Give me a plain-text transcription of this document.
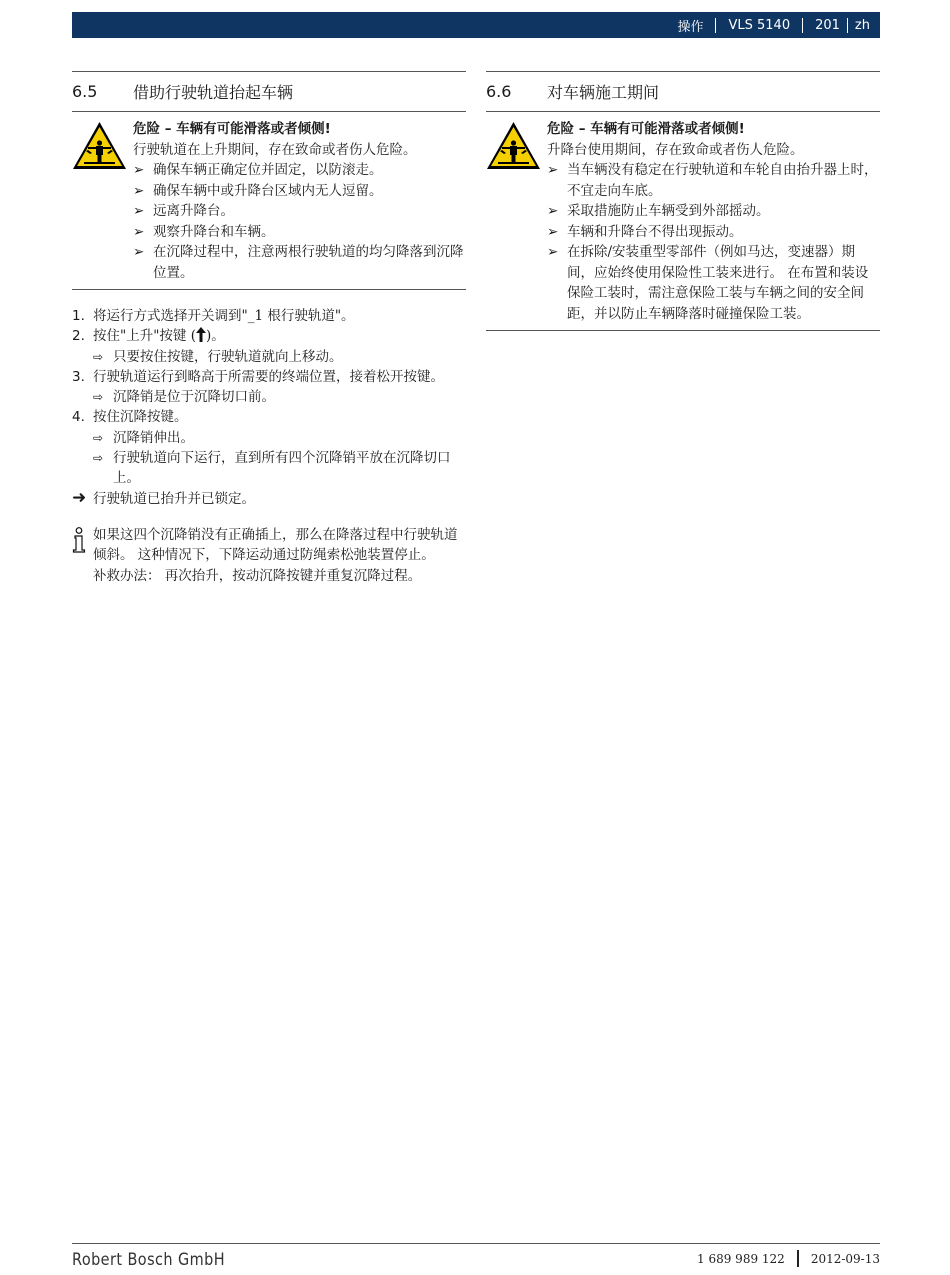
操作 VLS 5140 201 zh
6.5	借助行驶轨道抬起车辆
危险 – 车辆有可能滑落或者倾侧!
行驶轨道在上升期间，存在致命或者伤人危险。
➢ 确保车辆正确定位并固定，以防滚走。
➢ 确保车辆中或升降台区域内无人逗留。
➢ 远离升降台。
➢ 观察升降台和车辆。
➢ 在沉降过程中，注意两根行驶轨道的均匀降落到沉降位置。
1. 将运行方式选择开关调到"_1 根行驶轨道"。
2. 按住"上升"按键 ( )。
⇨ 只要按住按键，行驶轨道就向上移动。
3. 行驶轨道运行到略高于所需要的终端位置，接着松开按键。
⇨ 沉降销是位于沉降切口前。
4. 按住沉降按键。
⇨ 沉降销伸出。
⇨ 行驶轨道向下运行，直到所有四个沉降销平放在沉降切口上。
➜ 行驶轨道已抬升并已锁定。
如果这四个沉降销没有正确插上，那么在降落过程中行驶轨道倾斜。 这种情况下，下降运动通过防绳索松弛装置停止。
补救办法： 再次抬升，按动沉降按键并重复沉降过程。
6.6	对车辆施工期间
危险 – 车辆有可能滑落或者倾侧!
升降台使用期间，存在致命或者伤人危险。
➢ 当车辆没有稳定在行驶轨道和车轮自由抬升器上时，不宜走向车底。
➢ 采取措施防止车辆受到外部摇动。
➢ 车辆和升降台不得出现振动。
➢ 在拆除/安装重型零部件（例如马达，变速器）期间，应始终使用保险性工装来进行。 在布置和装设保险工装时，需注意保险工装与车辆之间的安全间距，并以防止车辆降落时碰撞保险工装。
Robert Bosch GmbH	1 689 989 122 2012-09-13
